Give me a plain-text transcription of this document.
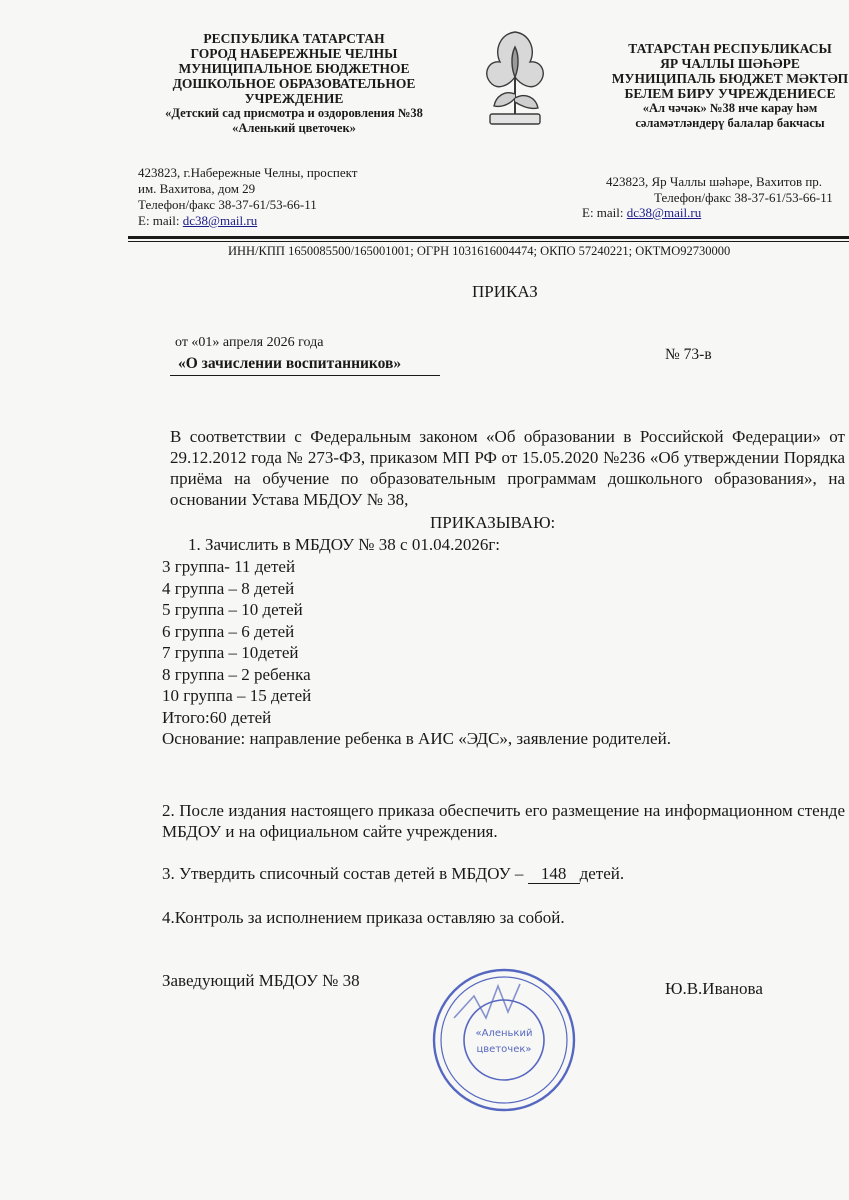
РЕСПУБЛИКА ТАТАРСТАН
ГОРОД НАБЕРЕЖНЫЕ ЧЕЛНЫ
МУНИЦИПАЛЬНОЕ БЮДЖЕТНОЕ
ДОШКОЛЬНОЕ ОБРАЗОВАТЕЛЬНОЕ
УЧРЕЖДЕНИЕ
«Детский сад присмотра и оздоровления №38
«Аленький цветочек»
423823, г.Набережные Челны, проспект
им. Вахитова, дом 29
Телефон/факс 38-37-61/53-66-11
E: mail: dc38@mail.ru
ТАТАРСТАН РЕСПУБЛИКАСЫ
ЯР ЧАЛЛЫ ШӘҺӘРЕ
МУНИЦИПАЛЬ БЮДЖЕТ МӘКТӘП
БЕЛЕМ БИРУ УЧРЕЖДЕНИЕСЕ
«Ал чәчәк» №38 нче карау һәм
сәламәтләндерү балалар бакчасы
423823, Яр Чаллы шәһәре, Вахитов пр.
Телефон/факс 38-37-61/53-66-11
E: mail: dc38@mail.ru
ИНН/КПП 1650085500/165001001; ОГРН 1031616004474; ОКПО 57240221; ОКТМО92730000
ПРИКАЗ
от «01» апреля 2026 года
«О зачислении воспитанников»
№ 73-в
В соответствии с Федеральным законом «Об образовании в Российской Федерации» от 29.12.2012 года № 273-ФЗ, приказом МП РФ от 15.05.2020 №236 «Об утверждении Порядка приёма на обучение по образовательным программам дошкольного образования», на основании Устава МБДОУ № 38,
ПРИКАЗЫВАЮ:
1. Зачислить в МБДОУ № 38 с 01.04.2026г:
3 группа- 11 детей
4 группа – 8 детей
5 группа – 10 детей
6 группа – 6 детей
7 группа – 10детей
8 группа – 2 ребенка
10 группа – 15 детей
Итого:60 детей
Основание: направление ребенка в АИС «ЭДС», заявление родителей.
2. После издания настоящего приказа обеспечить его размещение на информационном стенде МБДОУ и на официальном сайте учреждения.
3. Утвердить списочный состав детей в МБДОУ – 148 детей.
4.Контроль за исполнением приказа оставляю за собой.
Заведующий МБДОУ № 38	Ю.В.Иванова
«Аленький
цветочек»
